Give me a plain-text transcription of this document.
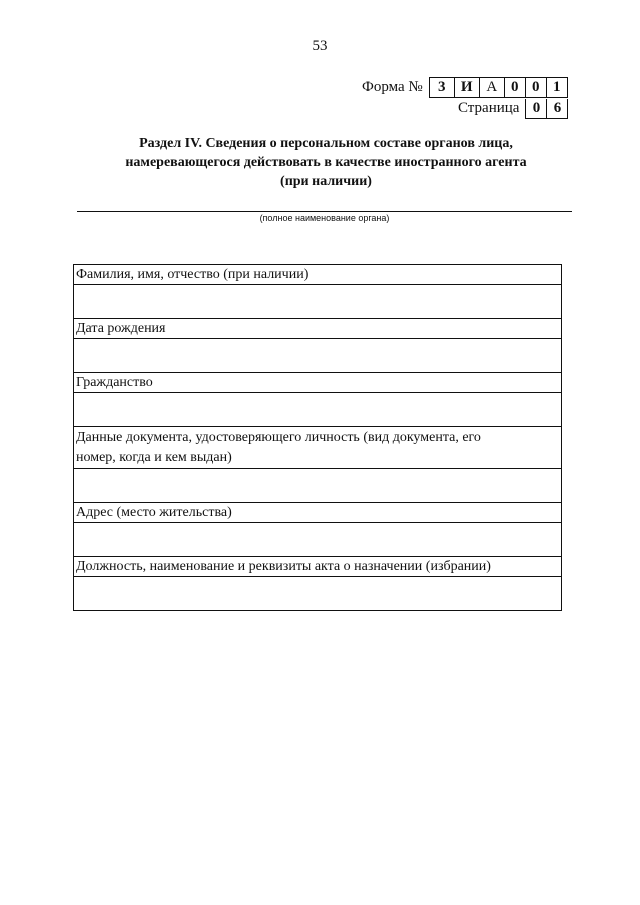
53
Форма №	3	И А 0 0 1
Страница 0 6
Раздел IV. Сведения о персональном составе органов лица,
намеревающегося действовать в качестве иностранного агента
(при наличии)
(полное наименование органа)
Фамилия, имя, отчество (при наличии)
Дата рождения
Гражданство
Данные документа, удостоверяющего личность (вид документа, его
номер, когда и кем выдан)
Адрес (место жительства)
Должность, наименование и реквизиты акта о назначении (избрании)
